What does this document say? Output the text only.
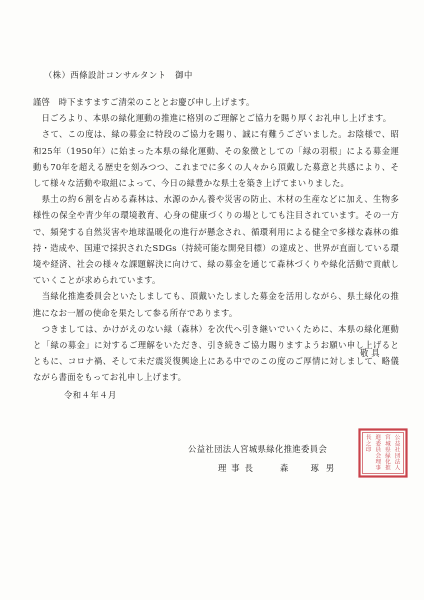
（株）西條設計コンサルタント　御中

謹啓　時下ますますご清栄のこととお慶び申し上げます。

　日ごろより、本県の緑化運動の推進に格別のご理解とご協力を賜り厚くお礼申し上げます。

　さて、この度は、緑の募金に特段のご協力を賜り、誠に有難うございました。お陰様で、昭和25年（1950年）に始まった本県の緑化運動、その象徴としての「緑の羽根」による募金運動も70年を超える歴史を刻みつつ、これまでに多くの人々から頂戴した募意と共感により、そして様々な活動や取組によって、今日の緑豊かな県土を築き上げてまいりました。

　県土の約６割を占める森林は、水源のかん養や災害の防止、木材の生産などに加え、生物多様性の保全や青少年の環境教育、心身の健康づくりの場としても注目されています。その一方で、頻発する自然災害や地球温暖化の進行が懸念され、循環利用による健全で多様な森林の維持・造成や、国連で採択されたSDGs（持続可能な開発目標）の達成と、世界が直面している環境や経済、社会の様々な課題解決に向けて、緑の募金を通じて森林づくりや緑化活動で貢献していくことが求められています。

　当緑化推進委員会といたしましても、頂戴いたしました募金を活用しながら、県土緑化の推進になお一層の使命を果たして参る所存であります。

　つきましては、かけがえのない緑（森林）を次代へ引き継いでいくために、本県の緑化運動と「緑の募金」に対するご理解をいただき、引き続きご協力賜りますようお願い申し上げるとともに、コロナ禍、そして未だ震災復興途上にある中でのこの度のご厚情に対しまして、略儀ながら書面をもってお礼申し上げます。

敬具
令和４年４月
公益社団法人宮城県緑化推進委員会
理事長	森　琢男
公
益
社
団
法
人
宮
城
県
緑
化
推
進
委
員
会
理
事
長
之
印
